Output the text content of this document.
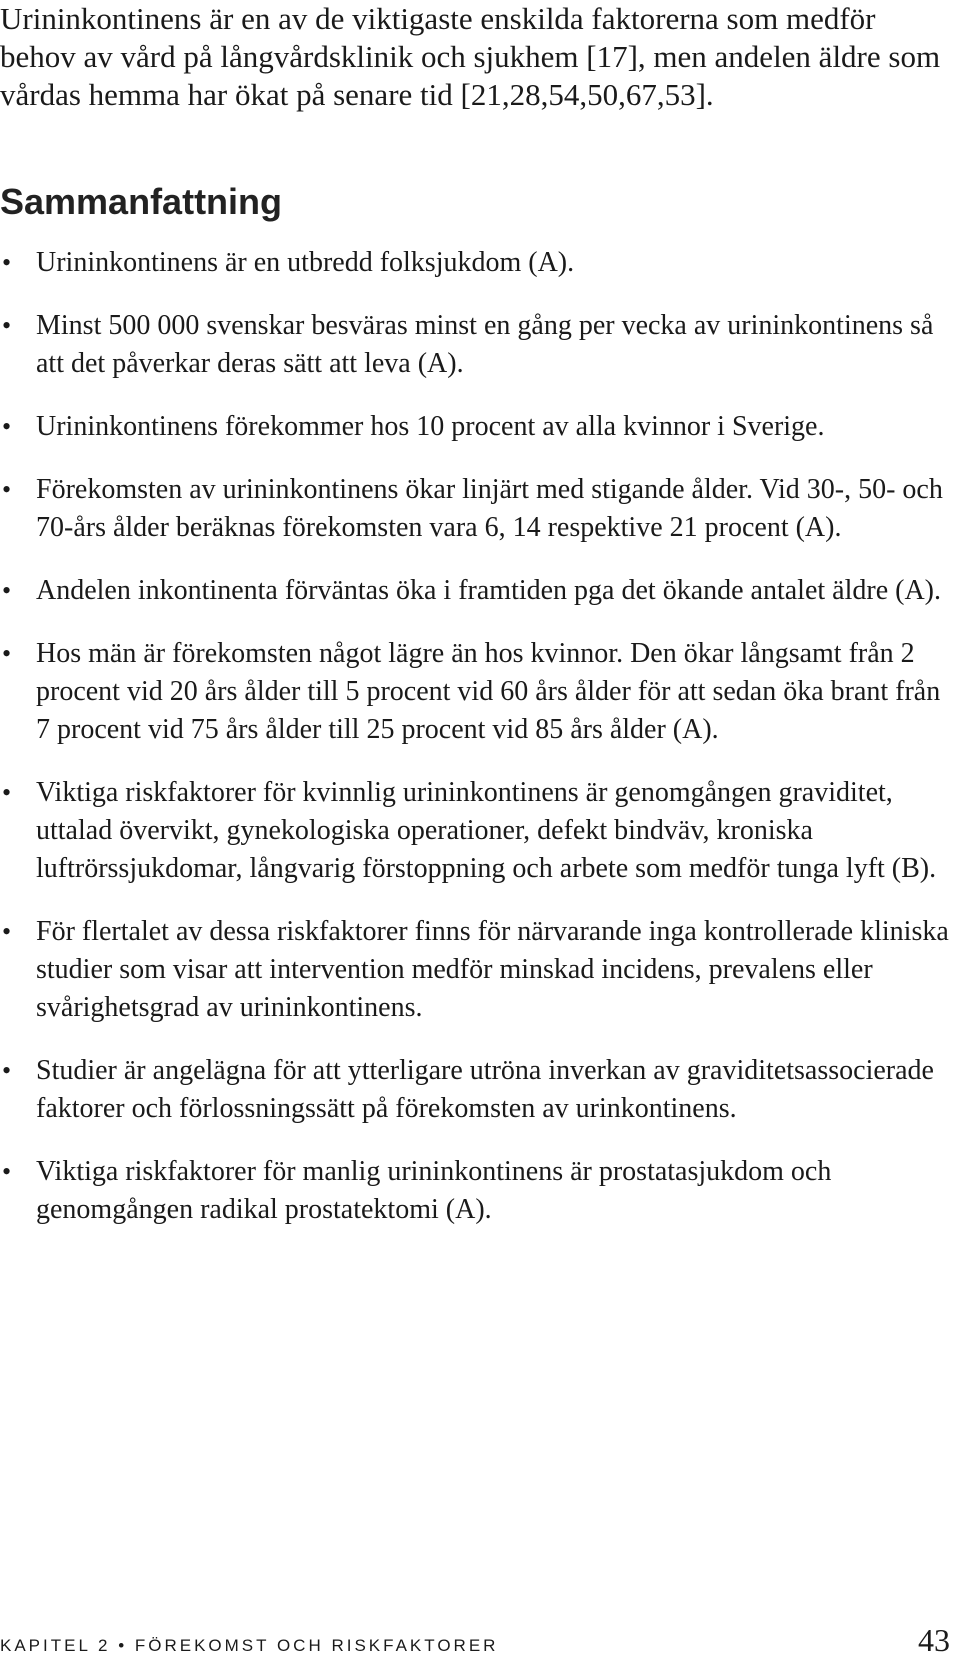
Urininkontinens är en av de viktigaste enskilda faktorerna som medför behov av vård på långvårdsklinik och sjukhem [17], men andelen äldre som vårdas hemma har ökat på senare tid [21,28,54,50,67,53].

Sammanfattning
• Urininkontinens är en utbredd folksjukdom (A).
• Minst 500 000 svenskar besväras minst en gång per vecka av urininkontinens så att det påverkar deras sätt att leva (A).
• Urininkontinens förekommer hos 10 procent av alla kvinnor i Sverige.
• Förekomsten av urininkontinens ökar linjärt med stigande ålder. Vid 30-, 50- och 70-års ålder beräknas förekomsten vara 6, 14 respektive 21 procent (A).
• Andelen inkontinenta förväntas öka i framtiden pga det ökande antalet äldre (A).
• Hos män är förekomsten något lägre än hos kvinnor. Den ökar långsamt från 2 procent vid 20 års ålder till 5 procent vid 60 års ålder för att sedan öka brant från 7 procent vid 75 års ålder till 25 procent vid 85 års ålder (A).
• Viktiga riskfaktorer för kvinnlig urininkontinens är genomgången graviditet, uttalad övervikt, gynekologiska operationer, defekt bindväv, kroniska luftrörssjukdomar, långvarig förstoppning och arbete som medför tunga lyft (B).
• För flertalet av dessa riskfaktorer finns för närvarande inga kontrollerade kliniska studier som visar att intervention medför minskad incidens, prevalens eller svårighetsgrad av urininkontinens.
• Studier är angelägna för att ytterligare utröna inverkan av graviditetsassocierade faktorer och förlossningssätt på förekomsten av urinkontinens.
• Viktiga riskfaktorer för manlig urininkontinens är prostatasjukdom och genomgången radikal prostatektomi (A).
KAPITEL 2 • FÖREKOMST OCH RISKFAKTORER	43
